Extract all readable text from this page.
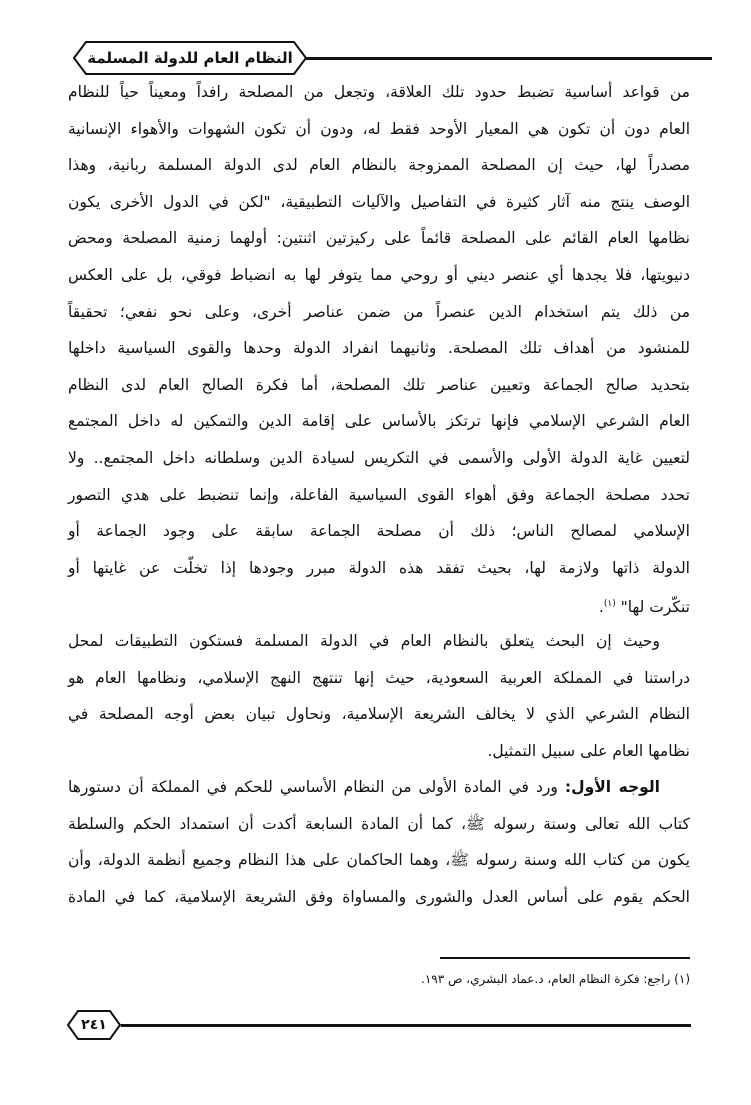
النظام العام للدولة المسلمة
من قواعد أساسية تضبط حدود تلك العلاقة، وتجعل من المصلحة رافداً ومعيناً حياً للنظام
العام دون أن تكون هي المعيار الأوحد فقط له، ودون أن تكون الشهوات والأهواء الإنسانية
مصدراً لها، حيث إن المصلحة الممزوجة بالنظام العام لدى الدولة المسلمة ربانية، وهذا
الوصف ينتج منه آثار كثيرة في التفاصيل والآليات التطبيقية، "لكن في الدول الأخرى يكون
نظامها العام القائم على المصلحة قائماً على ركيزتين اثنتين: أولهما زمنية المصلحة ومحض
دنيويتها، فلا يجدها أي عنصر ديني أو روحي مما يتوفر لها به انضباط فوقي، بل على العكس
من ذلك يتم استخدام الدين عنصراً من ضمن عناصر أخرى، وعلى نحو نفعي؛ تحقيقاً
للمنشود من أهداف تلك المصلحة. وثانيهما انفراد الدولة وحدها والقوى السياسية داخلها
بتحديد صالح الجماعة وتعيين عناصر تلك المصلحة، أما فكرة الصالح العام لدى النظام
العام الشرعي الإسلامي فإنها ترتكز بالأساس على إقامة الدين والتمكين له داخل المجتمع
لتعيين غاية الدولة الأولى والأسمى في التكريس لسيادة الدين وسلطانه داخل المجتمع.. ولا
تحدد مصلحة الجماعة وفق أهواء القوى السياسية الفاعلة، وإنما تنضبط على هدي التصور
الإسلامي لمصالح الناس؛ ذلك أن مصلحة الجماعة سابقة على وجود الجماعة أو
الدولة ذاتها ولازمة لها، بحيث تفقد هذه الدولة مبرر وجودها إذا تخلّت عن غايتها أو
تنكّرت لها" $^{(١)}$.
وحيث إن البحث يتعلق بالنظام العام في الدولة المسلمة فستكون التطبيقات لمحل
دراستنا في المملكة العربية السعودية، حيث إنها تنتهج النهج الإسلامي، ونظامها العام هو
النظام الشرعي الذي لا يخالف الشريعة الإسلامية، ونحاول تبيان بعض أوجه المصلحة في
نظامها العام على سبيل التمثيل.
الوجه الأول: ورد في المادة الأولى من النظام الأساسي للحكم في المملكة أن دستورها
كتاب الله تعالى وسنة رسوله ﷺ، كما أن المادة السابعة أكدت أن استمداد الحكم والسلطة
يكون من كتاب الله وسنة رسوله ﷺ، وهما الحاكمان على هذا النظام وجميع أنظمة الدولة، وأن
الحكم يقوم على أساس العدل والشورى والمساواة وفق الشريعة الإسلامية، كما في المادة
(١) راجع: فكرة النظام العام، د.عماد البشري، ص ١٩٣.
٢٤١
